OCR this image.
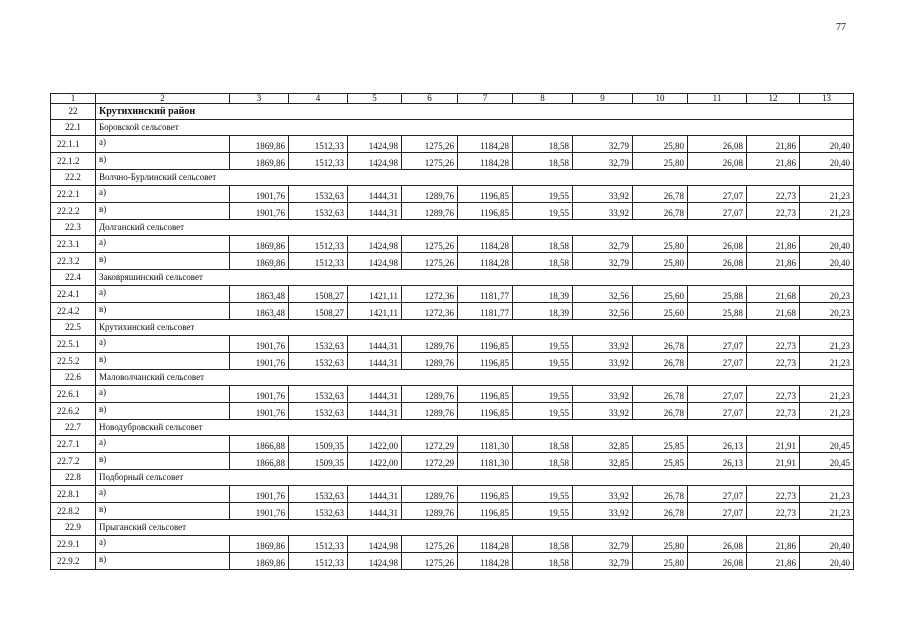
77
1	2	3	4	5	6	7	8	9	10	11	12	13
22	Крутихинский район											
22.1	Боровской сельсовет											
22.1.1	а)	1869,86	1512,33	1424,98	1275,26	1184,28	18,58	32,79	25,80	26,08	21,86	20,40
22.1.2	в)	1869,86	1512,33	1424,98	1275,26	1184,28	18,58	32,79	25,80	26,08	21,86	20,40
22.2	Волчно-Бурлинский сельсовет											
22.2.1	а)	1901,76	1532,63	1444,31	1289,76	1196,85	19,55	33,92	26,78	27,07	22,73	21,23
22.2.2	в)	1901,76	1532,63	1444,31	1289,76	1196,85	19,55	33,92	26,78	27,07	22,73	21,23
22.3	Долганский сельсовет											
22.3.1	а)	1869,86	1512,33	1424,98	1275,26	1184,28	18,58	32,79	25,80	26,08	21,86	20,40
22.3.2	в)	1869,86	1512,33	1424,98	1275,26	1184,28	18,58	32,79	25,80	26,08	21,86	20,40
22.4	Заковряшинский сельсовет											
22.4.1	а)	1863,48	1508,27	1421,11	1272,36	1181,77	18,39	32,56	25,60	25,88	21,68	20,23
22.4.2	в)	1863,48	1508,27	1421,11	1272,36	1181,77	18,39	32,56	25,60	25,88	21,68	20,23
22.5	Крутихинский сельсовет											
22.5.1	а)	1901,76	1532,63	1444,31	1289,76	1196,85	19,55	33,92	26,78	27,07	22,73	21,23
22.5.2	в)	1901,76	1532,63	1444,31	1289,76	1196,85	19,55	33,92	26,78	27,07	22,73	21,23
22.6	Маловолчанский сельсовет											
22.6.1	а)	1901,76	1532,63	1444,31	1289,76	1196,85	19,55	33,92	26,78	27,07	22,73	21,23
22.6.2	в)	1901,76	1532,63	1444,31	1289,76	1196,85	19,55	33,92	26,78	27,07	22,73	21,23
22.7	Новодубровский сельсовет											
22.7.1	а)	1866,88	1509,35	1422,00	1272,29	1181,30	18,58	32,85	25,85	26,13	21,91	20,45
22.7.2	в)	1866,88	1509,35	1422,00	1272,29	1181,30	18,58	32,85	25,85	26,13	21,91	20,45
22.8	Подборный сельсовет											
22.8.1	а)	1901,76	1532,63	1444,31	1289,76	1196,85	19,55	33,92	26,78	27,07	22,73	21,23
22.8.2	в)	1901,76	1532,63	1444,31	1289,76	1196,85	19,55	33,92	26,78	27,07	22,73	21,23
22.9	Прыганский сельсовет											
22.9.1	а)	1869,86	1512,33	1424,98	1275,26	1184,28	18,58	32,79	25,80	26,08	21,86	20,40
22.9.2	в)	1869,86	1512,33	1424,98	1275,26	1184,28	18,58	32,79	25,80	26,08	21,86	20,40
